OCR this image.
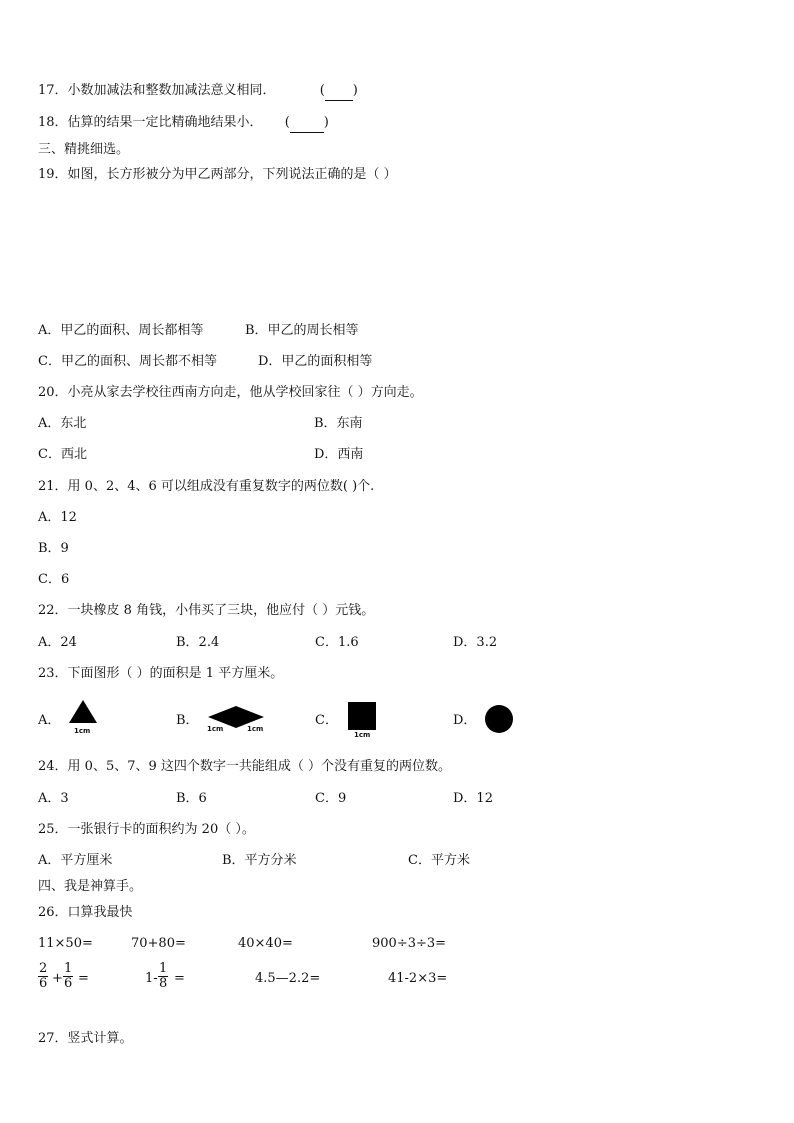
17．小数加减法和整数加减法意义相同．	( )
18．估算的结果一定比精确地结果小． (	)
三、精挑细选。
19．如图，长方形被分为甲乙两部分，下列说法正确的是（ ）
A．甲乙的面积、周长都相等	B．甲乙的周长相等
C．甲乙的面积、周长都不相等	D．甲乙的面积相等
20．小亮从家去学校往西南方向走，他从学校回家往（ ）方向走。
A．东北	B．东南
C．西北	D．西南
21．用 0、2、4、6 可以组成没有重复数字的两位数( )个.
A．12
B．9
C．6
22．一块橡皮 8 角钱，小伟买了三块，他应付（ ）元钱。
A．24	B．2.4	C．1.6	D．3.2
23．下面图形（ ）的面积是 1 平方厘米。
A．
1cm
B．
1cm	1cm
C．
1cm
D．
24．用 0、5、7、9 这四个数字一共能组成（ ）个没有重复的两位数。
A．3	B．6	C．9	D．12
25．一张银行卡的面积约为 20（ ）。
A．平方厘米	B．平方分米	C．平方米
四、我是神算手。
26．口算我最快
11×50=	70+80=	40×40=	900÷3÷3=
$\frac{2}{6} + \frac{1}{6}$ =	$1- \frac{1}{8}$ =	4.5—2.2=	41-2×3=
27．竖式计算。
